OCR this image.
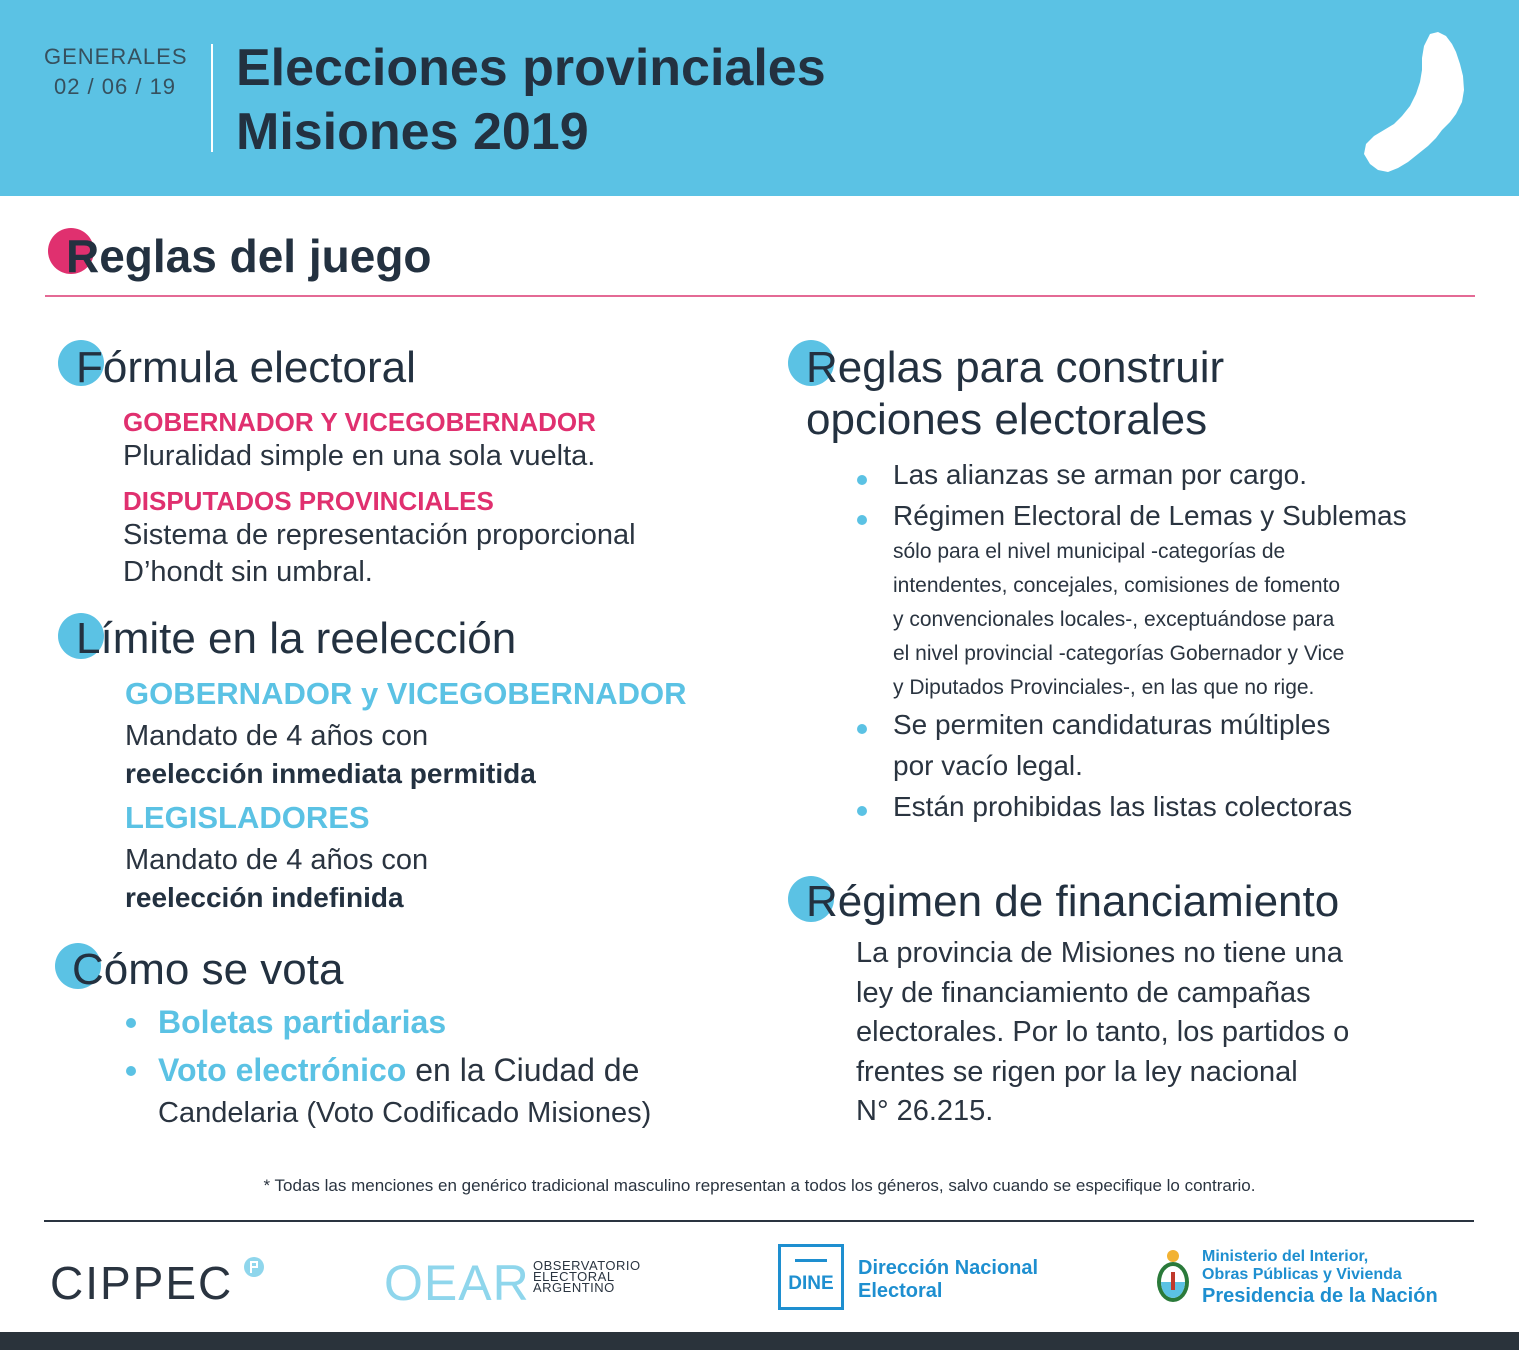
GENERALES
02 / 06 / 19 Elecciones provinciales
Misiones 2019
Reglas del juego
Fórmula electoral
GOBERNADOR Y VICEGOBERNADOR
Pluralidad simple en una sola vuelta.
DISPUTADOS PROVINCIALES
Sistema de representación proporcional
D’hondt sin umbral.
Límite en la reelección
GOBERNADOR y VICEGOBERNADOR
Mandato de 4 años con
reelección inmediata permitida
LEGISLADORES
Mandato de 4 años con
reelección indefinida
Cómo se vota
Boletas partidarias
Voto electrónico en la Ciudad de
Candelaria (Voto Codificado Misiones)
Reglas para construir
opciones electorales
Las alianzas se arman por cargo.
Régimen Electoral de Lemas y Sublemas
sólo para el nivel municipal -categorías de
intendentes, concejales, comisiones de fomento
y convencionales locales-, exceptuándose para
el nivel provincial -categorías Gobernador y Vice
y Diputados Provinciales-, en las que no rige.
Se permiten candidaturas múltiples
por vacío legal.
Están prohibidas las listas colectoras
Régimen de financiamiento
La provincia de Misiones no tiene una
ley de financiamiento de campañas
electorales. Por lo tanto, los partidos o
frentes se rigen por la ley nacional
N° 26.215.
* Todas las menciones en genérico tradicional masculino representan a todos los géneros, salvo cuando se especifique lo contrario.
CIPPEC	OEAR OBSERVATORIO
ELECTORAL
ARGENTINO	DINE
Dirección Nacional
Electoral
Ministerio del Interior,
Obras Públicas y Vivienda
Presidencia de la Nación
